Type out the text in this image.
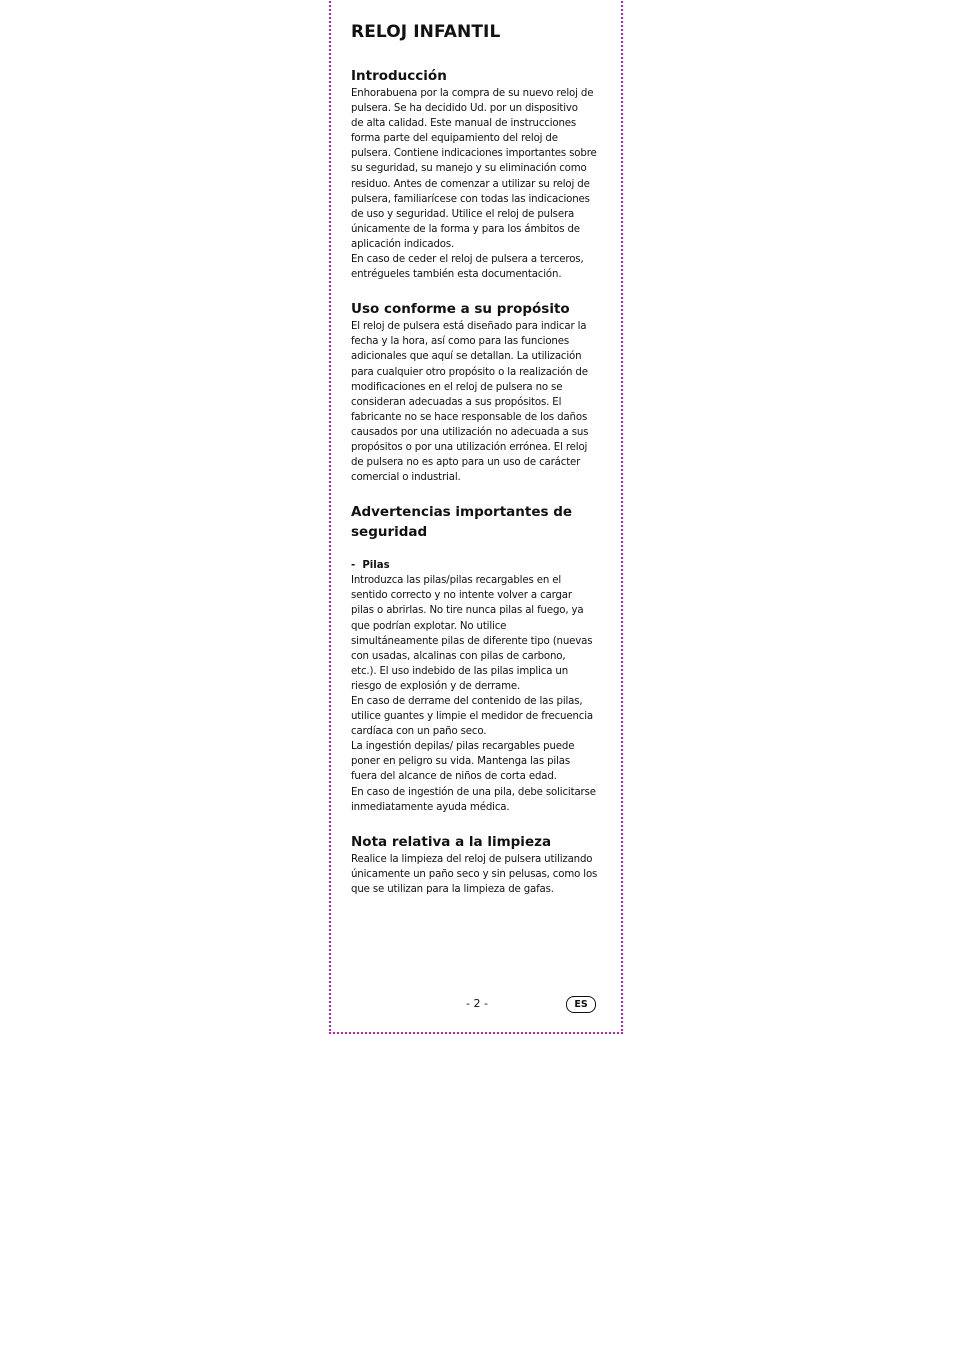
RELOJ INFANTIL
Introducción

Enhorabuena por la compra de su nuevo reloj de
pulsera. Se ha decidido Ud. por un dispositivo
de alta calidad. Este manual de instrucciones
forma parte del equipamiento del reloj de
pulsera. Contiene indicaciones importantes sobre
su seguridad, su manejo y su eliminación como
residuo. Antes de comenzar a utilizar su reloj de
pulsera, familiarícese con todas las indicaciones
de uso y seguridad. Utilice el reloj de pulsera
únicamente de la forma y para los ámbitos de
aplicación indicados.

En caso de ceder el reloj de pulsera a terceros,
entrégueles también esta documentación.

Uso conforme a su propósito

El reloj de pulsera está diseñado para indicar la
fecha y la hora, así como para las funciones
adicionales que aquí se detallan. La utilización
para cualquier otro propósito o la realización de
modificaciones en el reloj de pulsera no se
consideran adecuadas a sus propósitos. El
fabricante no se hace responsable de los daños
causados por una utilización no adecuada a sus
propósitos o por una utilización errónea. El reloj
de pulsera no es apto para un uso de carácter
comercial o industrial.

Advertencias importantes de
seguridad

-  Pilas

Introduzca las pilas/pilas recargables en el
sentido correcto y no intente volver a cargar
pilas o abrirlas. No tire nunca pilas al fuego, ya
que podrían explotar. No utilice
simultáneamente pilas de diferente tipo (nuevas
con usadas, alcalinas con pilas de carbono,
etc.). El uso indebido de las pilas implica un
riesgo de explosión y de derrame.

En caso de derrame del contenido de las pilas,
utilice guantes y limpie el medidor de frecuencia
cardíaca con un paño seco.

La ingestión depilas/ pilas recargables puede
poner en peligro su vida. Mantenga las pilas
fuera del alcance de niños de corta edad.

En caso de ingestión de una pila, debe solicitarse
inmediatamente ayuda médica.

Nota relativa a la limpieza

Realice la limpieza del reloj de pulsera utilizando
únicamente un paño seco y sin pelusas, como los
que se utilizan para la limpieza de gafas.

- 2 -	ES
